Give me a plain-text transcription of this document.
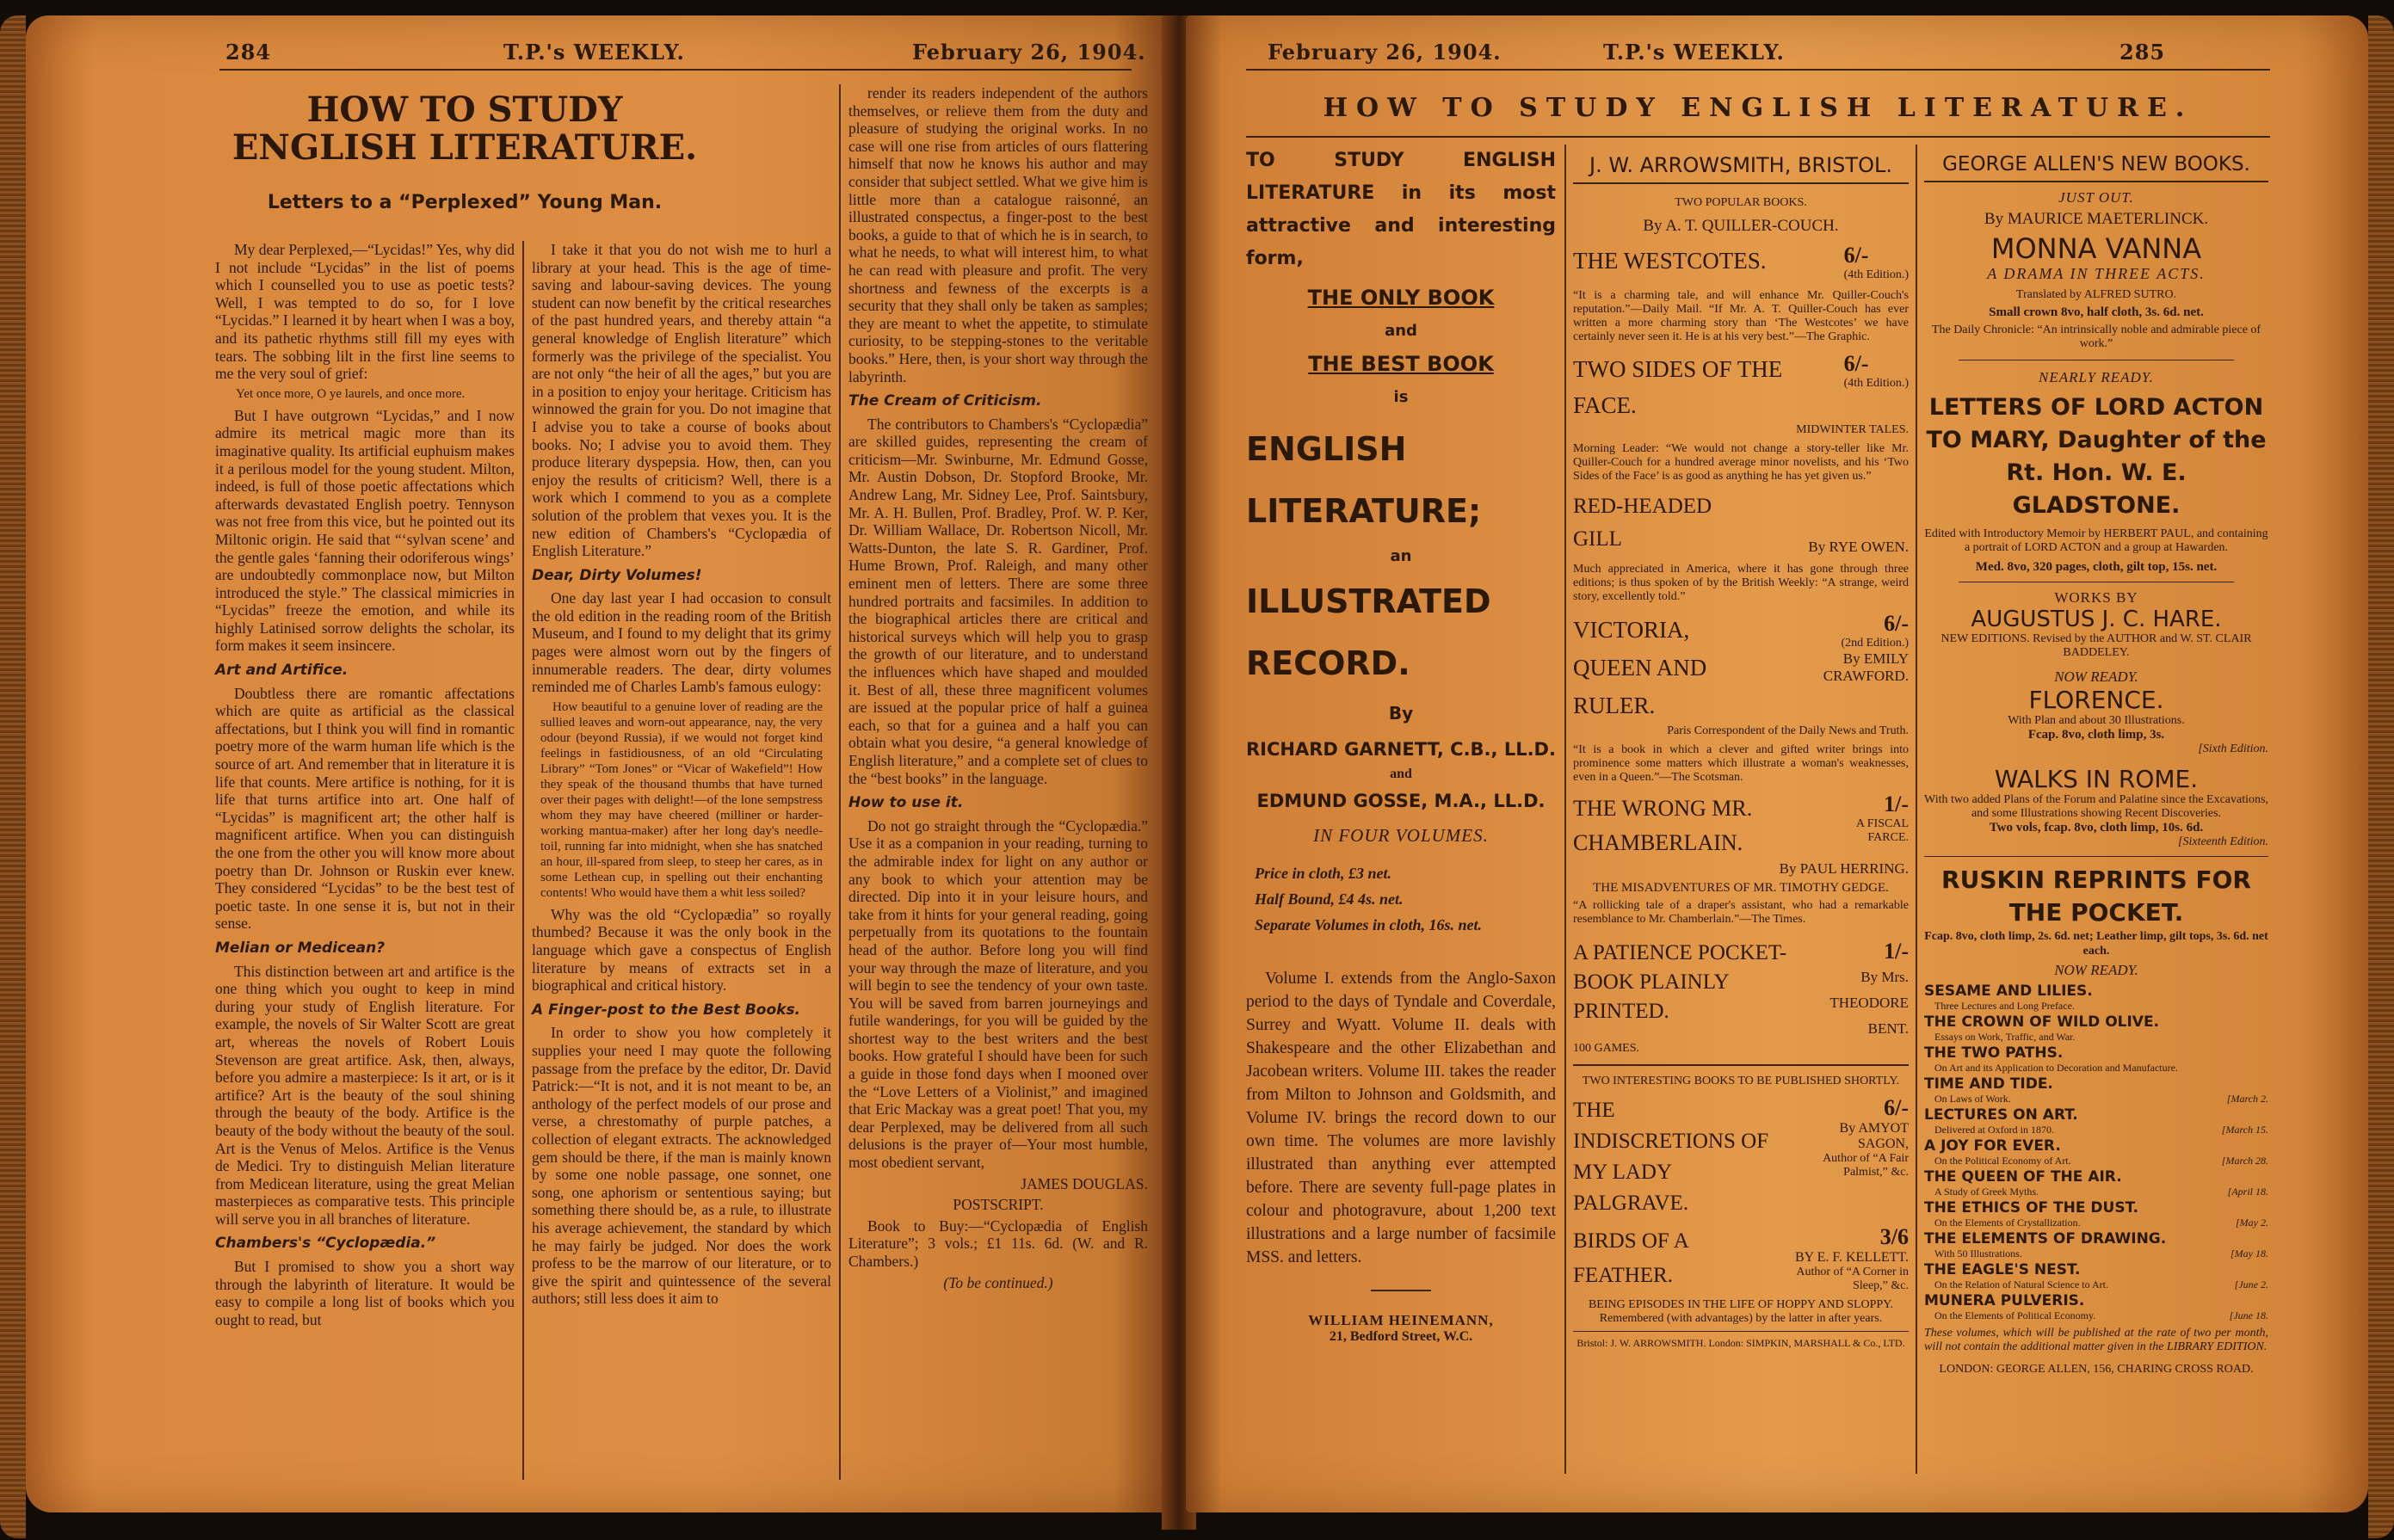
284	T.P.'s WEEKLY.	February 26, 1904.
HOW TO STUDY ENGLISH LITERATURE.
Letters to a “Perplexed” Young Man.

My dear Perplexed,—“Lycidas!” Yes, why did I not include “Lycidas” in the list of poems which I counselled you to use as poetic tests? Well, I was tempted to do so, for I love “Lycidas.” I learned it by heart when I was a boy, and its pathetic rhythms still fill my eyes with tears. The sobbing lilt in the first line seems to me the very soul of grief:

Yet once more, O ye laurels, and once more.

But I have outgrown “Lycidas,” and I now admire its metrical magic more than its imaginative quality. Its artificial euphuism makes it a perilous model for the young student. Milton, indeed, is full of those poetic affectations which afterwards devastated English poetry. Tennyson was not free from this vice, but he pointed out its Miltonic origin. He said that “‘sylvan scene’ and the gentle gales ‘fanning their odoriferous wings’ are undoubtedly commonplace now, but Milton introduced the style.” The classical mimicries in “Lycidas” freeze the emotion, and while its highly Latinised sorrow delights the scholar, its form makes it seem insincere.

Art and Artifice.

Doubtless there are romantic affectations which are quite as artificial as the classical affectations, but I think you will find in romantic poetry more of the warm human life which is the source of art. And remember that in literature it is life that counts. Mere artifice is nothing, for it is life that turns artifice into art. One half of “Lycidas” is magnificent art; the other half is magnificent artifice. When you can distinguish the one from the other you will know more about poetry than Dr. Johnson or Ruskin ever knew. They considered “Lycidas” to be the best test of poetic taste. In one sense it is, but not in their sense.

Melian or Medicean?

This distinction between art and artifice is the one thing which you ought to keep in mind during your study of English literature. For example, the novels of Sir Walter Scott are great art, whereas the novels of Robert Louis Stevenson are great artifice. Ask, then, always, before you admire a masterpiece: Is it art, or is it artifice? Art is the beauty of the soul shining through the beauty of the body. Artifice is the beauty of the body without the beauty of the soul. Art is the Venus of Melos. Artifice is the Venus de Medici. Try to distinguish Melian literature from Medicean literature, using the great Melian masterpieces as comparative tests. This principle will serve you in all branches of literature.

Chambers's “Cyclopædia.”

But I promised to show you a short way through the labyrinth of literature. It would be easy to compile a long list of books which you ought to read, but

I take it that you do not wish me to hurl a library at your head. This is the age of time-saving and labour-saving devices. The young student can now benefit by the critical researches of the past hundred years, and thereby attain “a general knowledge of English literature” which formerly was the privilege of the specialist. You are not only “the heir of all the ages,” but you are in a position to enjoy your heritage. Criticism has winnowed the grain for you. Do not imagine that I advise you to take a course of books about books. No; I advise you to avoid them. They produce literary dyspepsia. How, then, can you enjoy the results of criticism? Well, there is a work which I commend to you as a complete solution of the problem that vexes you. It is the new edition of Chambers's “Cyclopædia of English Literature.”

Dear, Dirty Volumes!

One day last year I had occasion to consult the old edition in the reading room of the British Museum, and I found to my delight that its grimy pages were almost worn out by the fingers of innumerable readers. The dear, dirty volumes reminded me of Charles Lamb's famous eulogy:

How beautiful to a genuine lover of reading are the sullied leaves and worn-out appearance, nay, the very odour (beyond Russia), if we would not forget kind feelings in fastidiousness, of an old “Circulating Library” “Tom Jones” or “Vicar of Wakefield”! How they speak of the thousand thumbs that have turned over their pages with delight!—of the lone sempstress whom they may have cheered (milliner or harder-working mantua-maker) after her long day's needle-toil, running far into midnight, when she has snatched an hour, ill-spared from sleep, to steep her cares, as in some Lethean cup, in spelling out their enchanting contents! Who would have them a whit less soiled?

Why was the old “Cyclopædia” so royally thumbed? Because it was the only book in the language which gave a conspectus of English literature by means of extracts set in a biographical and critical history.

A Finger-post to the Best Books.

In order to show you how completely it supplies your need I may quote the following passage from the preface by the editor, Dr. David Patrick:—“It is not, and it is not meant to be, an anthology of the perfect models of our prose and verse, a chrestomathy of purple patches, a collection of elegant extracts. The acknowledged gem should be there, if the man is mainly known by some one noble passage, one sonnet, one song, one aphorism or sententious saying; but something there should be, as a rule, to illustrate his average achievement, the standard by which he may fairly be judged. Nor does the work profess to be the marrow of our literature, or to give the spirit and quintessence of the several authors; still less does it aim to

render its readers independent of the authors themselves, or relieve them from the duty and pleasure of studying the original works. In no case will one rise from articles of ours flattering himself that now he knows his author and may consider that subject settled. What we give him is little more than a catalogue raisonné, an illustrated conspectus, a finger-post to the best books, a guide to that of which he is in search, to what he needs, to what will interest him, to what he can read with pleasure and profit. The very shortness and fewness of the excerpts is a security that they shall only be taken as samples; they are meant to whet the appetite, to stimulate curiosity, to be stepping-stones to the veritable books.” Here, then, is your short way through the labyrinth.

The Cream of Criticism.

The contributors to Chambers's “Cyclopædia” are skilled guides, representing the cream of criticism—Mr. Swinburne, Mr. Edmund Gosse, Mr. Austin Dobson, Dr. Stopford Brooke, Mr. Andrew Lang, Mr. Sidney Lee, Prof. Saintsbury, Mr. A. H. Bullen, Prof. Bradley, Prof. W. P. Ker, Dr. William Wallace, Dr. Robertson Nicoll, Mr. Watts-Dunton, the late S. R. Gardiner, Prof. Hume Brown, Prof. Raleigh, and many other eminent men of letters. There are some three hundred portraits and facsimiles. In addition to the biographical articles there are critical and historical surveys which will help you to grasp the growth of our literature, and to understand the influences which have shaped and moulded it. Best of all, these three magnificent volumes are issued at the popular price of half a guinea each, so that for a guinea and a half you can obtain what you desire, “a general knowledge of English literature,” and a complete set of clues to the “best books” in the language.

How to use it.

Do not go straight through the “Cyclopædia.” Use it as a companion in your reading, turning to the admirable index for light on any author or any book to which your attention may be directed. Dip into it in your leisure hours, and take from it hints for your general reading, going perpetually from its quotations to the fountain head of the author. Before long you will find your way through the maze of literature, and you will begin to see the tendency of your own taste. You will be saved from barren journeyings and futile wanderings, for you will be guided by the shortest way to the best writers and the best books. How grateful I should have been for such a guide in those fond days when I mooned over the “Love Letters of a Violinist,” and imagined that Eric Mackay was a great poet! That you, my dear Perplexed, may be delivered from all such delusions is the prayer of—Your most humble, most obedient servant,

JAMES DOUGLAS.

POSTSCRIPT.

Book to Buy:—“Cyclopædia of English Literature”; 3 vols.; £1 11s. 6d. (W. and R. Chambers.)

(To be continued.)

February 26, 1904.	T.P.'s WEEKLY.	285
HOW TO STUDY ENGLISH LITERATURE.
TO STUDY ENGLISH LITERATURE in its most attractive and interesting form,
THE ONLY BOOK
and
THE BEST BOOK
is
ENGLISH
LITERATURE;
an
ILLUSTRATED
RECORD.
By
RICHARD GARNETT, C.B., LL.D.
and
EDMUND GOSSE, M.A., LL.D.
IN FOUR VOLUMES.
Price in cloth, £3 net.
Half Bound, £4 4s. net.
Separate Volumes in cloth, 16s. net.
Volume I. extends from the Anglo-Saxon period to the days of Tyndale and Coverdale, Surrey and Wyatt. Volume II. deals with Shakespeare and the other Elizabethan and Jacobean writers. Volume III. takes the reader from Milton to Johnson and Goldsmith, and Volume IV. brings the record down to our own time. The volumes are more lavishly illustrated than anything ever attempted before. There are seventy full-page plates in colour and photogravure, about 1,200 text illustrations and a large number of facsimile MSS. and letters.
WILLIAM HEINEMANN,
21, Bedford Street, W.C.
J. W. ARROWSMITH, BRISTOL.
TWO POPULAR BOOKS.
By A. T. QUILLER-COUCH.
THE WESTCOTES.	6/-
(4th Edition.)
“It is a charming tale, and will enhance Mr. Quiller-Couch's reputation.”—Daily Mail. “If Mr. A. T. Quiller-Couch has ever written a more charming story than ‘The Westcotes’ we have certainly never seen it. He is at his very best.”—The Graphic.
TWO SIDES OF THE FACE.
6/-
(4th Edition.)
MIDWINTER TALES.
Morning Leader: “We would not change a story-teller like Mr. Quiller-Couch for a hundred average minor novelists, and his ‘Two Sides of the Face’ is as good as anything he has yet given us.”
RED-HEADED GILL	By RYE OWEN.
Much appreciated in America, where it has gone through three editions; is thus spoken of by the British Weekly: “A strange, weird story, excellently told.”
VICTORIA, QUEEN AND RULER.
6/-
(2nd Edition.)
By EMILY CRAWFORD.
Paris Correspondent of the Daily News and Truth.
“It is a book in which a clever and gifted writer brings into prominence some matters which illustrate a woman's weaknesses, even in a Queen.”—The Scotsman.
THE WRONG MR. CHAMBERLAIN.
1/-
A FISCAL FARCE.
By PAUL HERRING.
THE MISADVENTURES OF MR. TIMOTHY GEDGE.
“A rollicking tale of a draper's assistant, who had a remarkable resemblance to Mr. Chamberlain.”—The Times.
A PATIENCE POCKET-BOOK PLAINLY PRINTED.
1/-
By Mrs. THEODORE BENT.
100 GAMES.
TWO INTERESTING BOOKS TO BE PUBLISHED SHORTLY.
THE INDISCRETIONS OF MY LADY PALGRAVE.
6/-
By AMYOT SAGON,
Author of “A Fair Palmist,” &c.
BIRDS OF A FEATHER.
3/6
BY E. F. KELLETT.
Author of “A Corner in Sleep,” &c.
BEING EPISODES IN THE LIFE OF HOPPY AND SLOPPY. Remembered (with advantages) by the latter in after years.
Bristol: J. W. ARROWSMITH. London: SIMPKIN, MARSHALL & Co., LTD.
GEORGE ALLEN'S NEW BOOKS.
JUST OUT.
By MAURICE MAETERLINCK.
MONNA VANNA
A DRAMA IN THREE ACTS.
Translated by ALFRED SUTRO.
Small crown 8vo, half cloth, 3s. 6d. net.
The Daily Chronicle: “An intrinsically noble and admirable piece of work.”
NEARLY READY.
LETTERS OF LORD ACTON TO MARY, Daughter of the Rt. Hon. W. E. GLADSTONE.
Edited with Introductory Memoir by HERBERT PAUL, and containing a portrait of LORD ACTON and a group at Hawarden.
Med. 8vo, 320 pages, cloth, gilt top, 15s. net.
WORKS BY
AUGUSTUS J. C. HARE.
NEW EDITIONS. Revised by the AUTHOR and W. ST. CLAIR BADDELEY.
NOW READY.
FLORENCE.
With Plan and about 30 Illustrations.
Fcap. 8vo, cloth limp, 3s.
[Sixth Edition.
WALKS IN ROME.
With two added Plans of the Forum and Palatine since the Excavations, and some Illustrations showing Recent Discoveries.
Two vols, fcap. 8vo, cloth limp, 10s. 6d.
[Sixteenth Edition.
RUSKIN REPRINTS FOR THE POCKET.
Fcap. 8vo, cloth limp, 2s. 6d. net; Leather limp, gilt tops, 3s. 6d. net each.
NOW READY.
SESAME AND LILIES.
Three Lectures and Long Preface.
THE CROWN OF WILD OLIVE.
Essays on Work, Traffic, and War.
THE TWO PATHS.
On Art and its Application to Decoration and Manufacture.
TIME AND TIDE.
On Laws of Work.	[March 2.
LECTURES ON ART.
Delivered at Oxford in 1870.	[March 15.
A JOY FOR EVER.
On the Political Economy of Art.	[March 28.
THE QUEEN OF THE AIR.
A Study of Greek Myths.	[April 18.
THE ETHICS OF THE DUST.
On the Elements of Crystallization.	[May 2.
THE ELEMENTS OF DRAWING.
With 50 Illustrations.	[May 18.
THE EAGLE'S NEST.
On the Relation of Natural Science to Art.	[June 2.
MUNERA PULVERIS.
On the Elements of Political Economy.	[June 18.
These volumes, which will be published at the rate of two per month, will not contain the additional matter given in the LIBRARY EDITION.
LONDON: GEORGE ALLEN, 156, CHARING CROSS ROAD.
